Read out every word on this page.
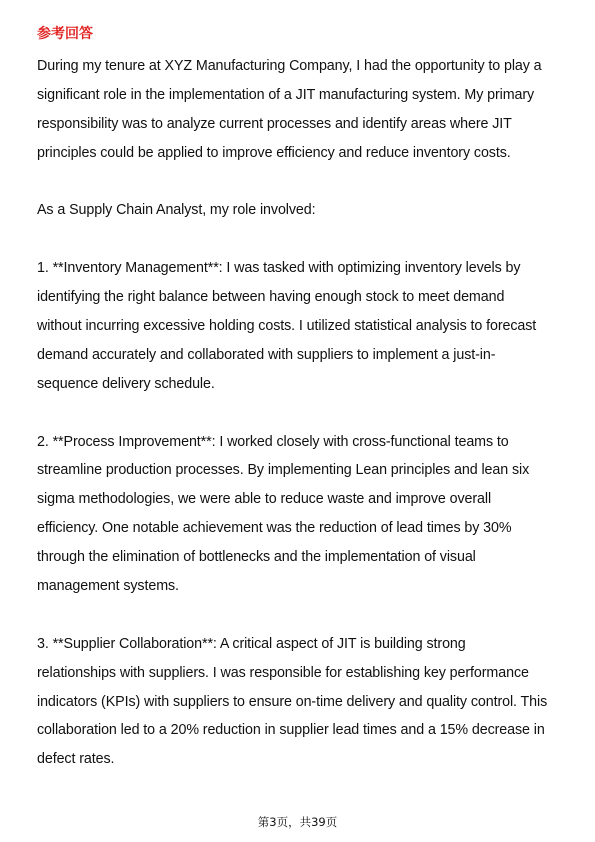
参考回答
During my tenure at XYZ Manufacturing Company, I had the opportunity to play a
significant role in the implementation of a JIT manufacturing system. My primary
responsibility was to analyze current processes and identify areas where JIT
principles could be applied to improve efficiency and reduce inventory costs.
As a Supply Chain Analyst, my role involved:
1. **Inventory Management**: I was tasked with optimizing inventory levels by
identifying the right balance between having enough stock to meet demand
without incurring excessive holding costs. I utilized statistical analysis to forecast
demand accurately and collaborated with suppliers to implement a just-in-
sequence delivery schedule.
2. **Process Improvement**: I worked closely with cross-functional teams to
streamline production processes. By implementing Lean principles and lean six
sigma methodologies, we were able to reduce waste and improve overall
efficiency. One notable achievement was the reduction of lead times by 30%
through the elimination of bottlenecks and the implementation of visual
management systems.
3. **Supplier Collaboration**: A critical aspect of JIT is building strong
relationships with suppliers. I was responsible for establishing key performance
indicators (KPIs) with suppliers to ensure on-time delivery and quality control. This
collaboration led to a 20% reduction in supplier lead times and a 15% decrease in
defect rates.
第3页，共39页
